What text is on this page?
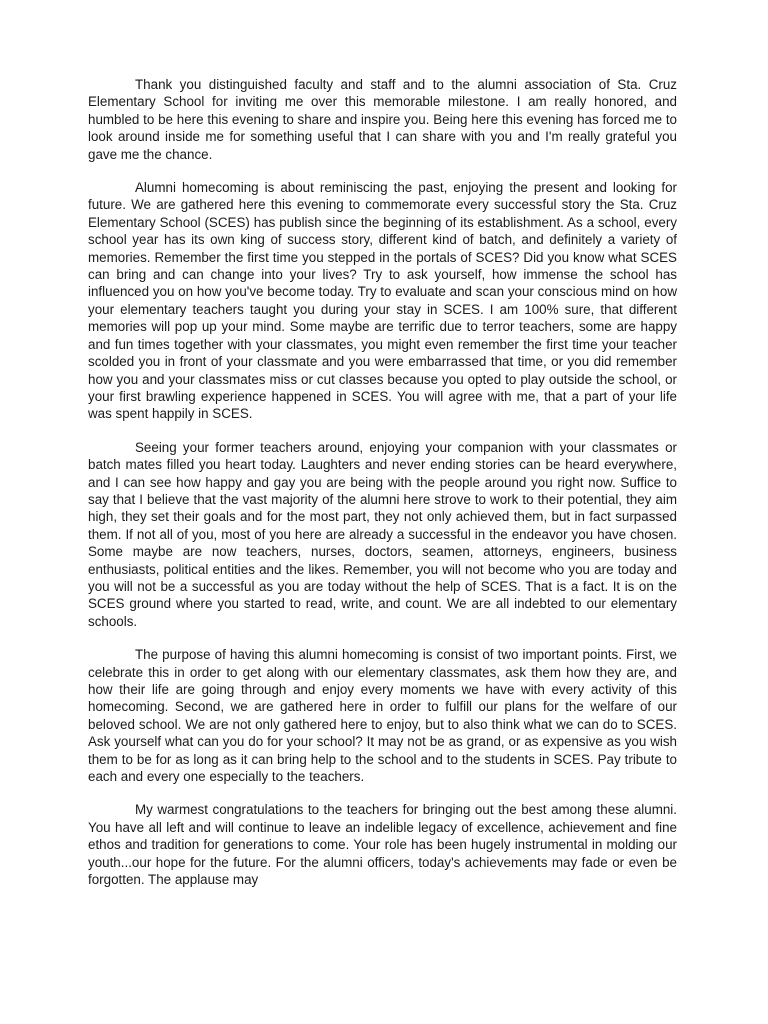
Thank you distinguished faculty and staff and to the alumni association of Sta. Cruz Elementary School for inviting me over this memorable milestone. I am really honored, and humbled to be here this evening to share and inspire you. Being here this evening has forced me to look around inside me for something useful that I can share with you and I'm really grateful you gave me the chance.

Alumni homecoming is about reminiscing the past, enjoying the present and looking for future. We are gathered here this evening to commemorate every successful story the Sta. Cruz Elementary School (SCES) has publish since the beginning of its establishment. As a school, every school year has its own king of success story, different kind of batch, and definitely a variety of memories. Remember the first time you stepped in the portals of SCES? Did you know what SCES can bring and can change into your lives? Try to ask yourself, how immense the school has influenced you on how you've become today. Try to evaluate and scan your conscious mind on how your elementary teachers taught you during your stay in SCES. I am 100% sure, that different memories will pop up your mind. Some maybe are terrific due to terror teachers, some are happy and fun times together with your classmates, you might even remember the first time your teacher scolded you in front of your classmate and you were embarrassed that time, or you did remember how you and your classmates miss or cut classes because you opted to play outside the school, or your first brawling experience happened in SCES. You will agree with me, that a part of your life was spent happily in SCES.

Seeing your former teachers around, enjoying your companion with your classmates or batch mates filled you heart today. Laughters and never ending stories can be heard everywhere, and I can see how happy and gay you are being with the people around you right now. Suffice to say that I believe that the vast majority of the alumni here strove to work to their potential, they aim high, they set their goals and for the most part, they not only achieved them, but in fact surpassed them. If not all of you, most of you here are already a successful in the endeavor you have chosen. Some maybe are now teachers, nurses, doctors, seamen, attorneys, engineers, business enthusiasts, political entities and the likes. Remember, you will not become who you are today and you will not be a successful as you are today without the help of SCES. That is a fact. It is on the SCES ground where you started to read, write, and count. We are all indebted to our elementary schools.

The purpose of having this alumni homecoming is consist of two important points. First, we celebrate this in order to get along with our elementary classmates, ask them how they are, and how their life are going through and enjoy every moments we have with every activity of this homecoming. Second, we are gathered here in order to fulfill our plans for the welfare of our beloved school. We are not only gathered here to enjoy, but to also think what we can do to SCES. Ask yourself what can you do for your school? It may not be as grand, or as expensive as you wish them to be for as long as it can bring help to the school and to the students in SCES. Pay tribute to each and every one especially to the teachers.

My warmest congratulations to the teachers for bringing out the best among these alumni. You have all left and will continue to leave an indelible legacy of excellence, achievement and fine ethos and tradition for generations to come. Your role has been hugely instrumental in molding our youth...our hope for the future. For the alumni officers, today's achievements may fade or even be forgotten. The applause may
